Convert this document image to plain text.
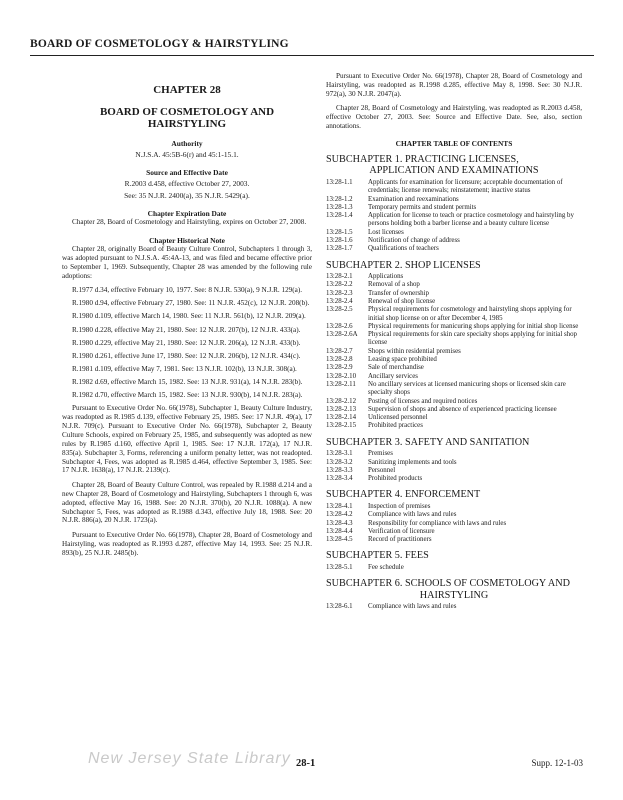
BOARD OF COSMETOLOGY & HAIRSTYLING
CHAPTER 28
BOARD OF COSMETOLOGY AND HAIRSTYLING
Authority
N.J.S.A. 45:5B-6(r) and 45:1-15.1.
Source and Effective Date
R.2003 d.458, effective October 27, 2003.
See: 35 N.J.R. 2400(a), 35 N.J.R. 5429(a).
Chapter Expiration Date

Chapter 28, Board of Cosmetology and Hairstyling, expires on October 27, 2008.

Chapter Historical Note

Chapter 28, originally Board of Beauty Culture Control, Subchapters 1 through 3, was adopted pursuant to N.J.S.A. 45:4A-13, and was filed and became effective prior to September 1, 1969. Subsequently, Chapter 28 was amended by the following rule adoptions:

R.1977 d.34, effective February 10, 1977. See: 8 N.J.R. 530(a), 9 N.J.R. 129(a).

R.1980 d.94, effective February 27, 1980. See: 11 N.J.R. 452(c), 12 N.J.R. 208(b).

R.1980 d.109, effective March 14, 1980. See: 11 N.J.R. 561(b), 12 N.J.R. 209(a).

R.1980 d.228, effective May 21, 1980. See: 12 N.J.R. 207(b), 12 N.J.R. 433(a).

R.1980 d.229, effective May 21, 1980. See: 12 N.J.R. 206(a), 12 N.J.R. 433(b).

R.1980 d.261, effective June 17, 1980. See: 12 N.J.R. 206(b), 12 N.J.R. 434(c).

R.1981 d.109, effective May 7, 1981. See: 13 N.J.R. 102(b), 13 N.J.R. 308(a).

R.1982 d.69, effective March 15, 1982. See: 13 N.J.R. 931(a), 14 N.J.R. 283(b).

R.1982 d.70, effective March 15, 1982. See: 13 N.J.R. 930(b), 14 N.J.R. 283(a).

Pursuant to Executive Order No. 66(1978), Subchapter 1, Beauty Culture Industry, was readopted as R.1985 d.139, effective February 25, 1985. See: 17 N.J.R. 49(a), 17 N.J.R. 709(c). Pursuant to Executive Order No. 66(1978), Subchapter 2, Beauty Culture Schools, expired on February 25, 1985, and subsequently was adopted as new rules by R.1985 d.160, effective April 1, 1985. See: 17 N.J.R. 172(a), 17 N.J.R. 835(a). Subchapter 3, Forms, referencing a uniform penalty letter, was not readopted. Subchapter 4, Fees, was adopted as R.1985 d.464, effective September 3, 1985. See: 17 N.J.R. 1638(a), 17 N.J.R. 2139(c).

Chapter 28, Board of Beauty Culture Control, was repealed by R.1988 d.214 and a new Chapter 28, Board of Cosmetology and Hairstyling, Subchapters 1 through 6, was adopted, effective May 16, 1988. See: 20 N.J.R. 370(b), 20 N.J.R. 1088(a). A new Subchapter 5, Fees, was adopted as R.1988 d.343, effective July 18, 1988. See: 20 N.J.R. 886(a), 20 N.J.R. 1723(a).

Pursuant to Executive Order No. 66(1978), Chapter 28, Board of Cosmetology and Hairstyling, was readopted as R.1993 d.287, effective May 14, 1993. See: 25 N.J.R. 893(b), 25 N.J.R. 2485(b).

Pursuant to Executive Order No. 66(1978), Chapter 28, Board of Cosmetology and Hairstyling, was readopted as R.1998 d.285, effective May 8, 1998. See: 30 N.J.R. 972(a), 30 N.J.R. 2047(a).

Chapter 28, Board of Cosmetology and Hairstyling, was readopted as R.2003 d.458, effective October 27, 2003. See: Source and Effective Date. See, also, section annotations.

CHAPTER TABLE OF CONTENTS
SUBCHAPTER 1. PRACTICING LICENSES,
APPLICATION AND EXAMINATIONS
13:28-1.1	Applicants for examination for licensure; acceptable documentation of credentials; license renewals; reinstatement; inactive status
13:28-1.2	Examination and reexaminations
13:28-1.3	Temporary permits and student permits
13:28-1.4	Application for license to teach or practice cosmetology and hairstyling by persons holding both a barber license and a beauty culture license
13:28-1.5	Lost licenses
13:28-1.6	Notification of change of address
13:28-1.7	Qualifications of teachers
SUBCHAPTER 2. SHOP LICENSES
13:28-2.1	Applications
13:28-2.2	Removal of a shop
13:28-2.3	Transfer of ownership
13:28-2.4	Renewal of shop license
13:28-2.5	Physical requirements for cosmetology and hairstyling shops applying for initial shop license on or after December 4, 1985
13:28-2.6	Physical requirements for manicuring shops applying for initial shop license
13:28-2.6A	Physical requirements for skin care specialty shops applying for initial shop license
13:28-2.7	Shops within residential premises
13:28-2.8	Leasing space prohibited
13:28-2.9	Sale of merchandise
13:28-2.10	Ancillary services
13:28-2.11	No ancillary services at licensed manicuring shops or licensed skin care specialty shops
13:28-2.12	Posting of licenses and required notices
13:28-2.13	Supervision of shops and absence of experienced practicing licensee
13:28-2.14	Unlicensed personnel
13:28-2.15	Prohibited practices
SUBCHAPTER 3. SAFETY AND SANITATION
13:28-3.1	Premises
13:28-3.2	Sanitizing implements and tools
13:28-3.3	Personnel
13:28-3.4	Prohibited products
SUBCHAPTER 4. ENFORCEMENT
13:28-4.1	Inspection of premises
13:28-4.2	Compliance with laws and rules
13:28-4.3	Responsibility for compliance with laws and rules
13:28-4.4	Verification of licensure
13:28-4.5	Record of practitioners
SUBCHAPTER 5. FEES
13:28-5.1	Fee schedule
SUBCHAPTER 6. SCHOOLS OF COSMETOLOGY AND
HAIRSTYLING
13:28-6.1	Compliance with laws and rules
New Jersey State Library 28-1	Supp. 12-1-03
